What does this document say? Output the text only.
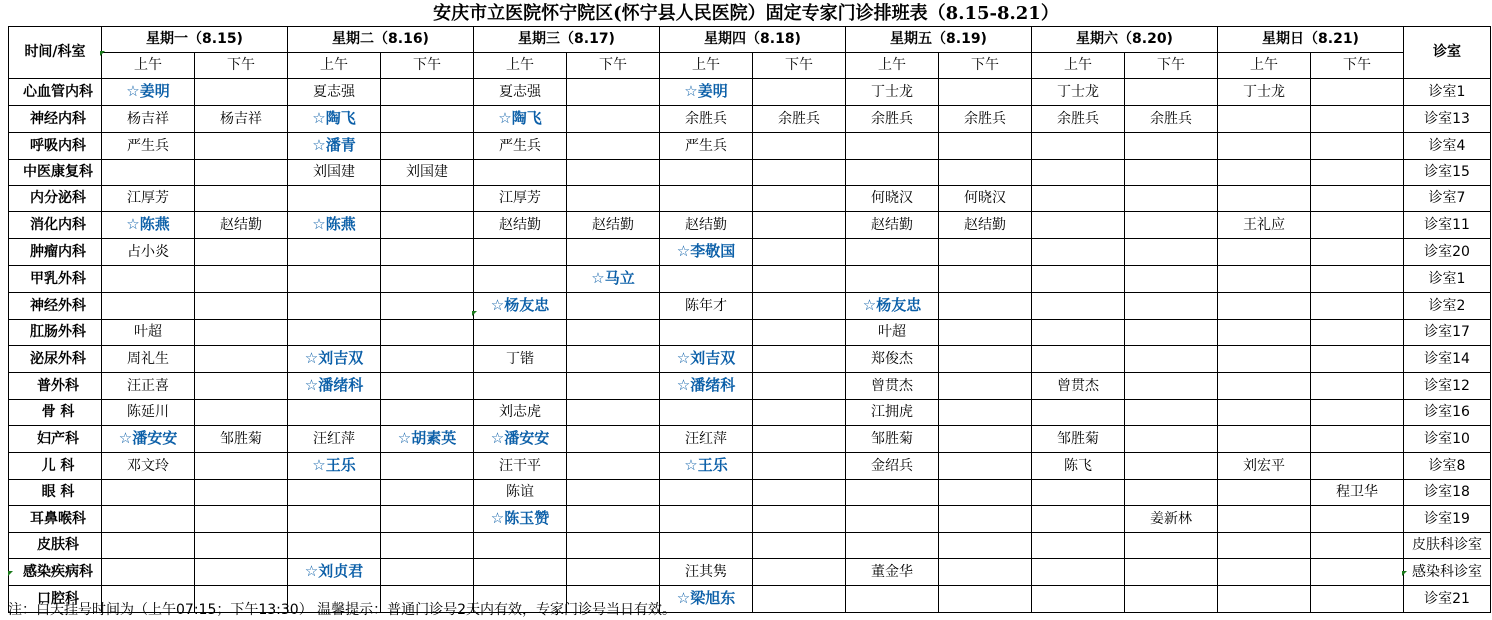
安庆市立医院怀宁院区(怀宁县人民医院）固定专家门诊排班表（8.15-8.21）
时间/科室	星期一（8.15)		星期二（8.16)		星期三（8.17)		星期四（8.18)		星期五（8.19)		星期六（8.20)		星期日（8.21)		诊室
	上午	下午	上午	下午	上午	下午	上午	下午	上午	下午	上午	下午	上午	下午	
心血管内科	☆姜明		夏志强		夏志强		☆姜明		丁士龙		丁士龙		丁士龙		诊室1
神经内科	杨吉祥	杨吉祥	☆陶飞		☆陶飞		余胜兵	余胜兵	余胜兵	余胜兵	余胜兵	余胜兵			诊室13
呼吸内科	严生兵		☆潘青		严生兵		严生兵								诊室4
中医康复科			刘国建	刘国建											诊室15
内分泌科	江厚芳				江厚芳				何晓汉	何晓汉					诊室7
消化内科	☆陈燕	赵结勤	☆陈燕		赵结勤	赵结勤	赵结勤		赵结勤	赵结勤			王礼应		诊室11
肿瘤内科	占小炎						☆李敬国								诊室20
甲乳外科						☆马立									诊室1
神经外科					☆杨友忠		陈年才		☆杨友忠						诊室2
肛肠外科	叶超								叶超						诊室17
泌尿外科	周礼生		☆刘吉双		丁锴		☆刘吉双		郑俊杰						诊室14
普外科	汪正喜		☆潘绪科				☆潘绪科		曾贯杰		曾贯杰				诊室12
骨 科	陈延川				刘志虎				江拥虎						诊室16
妇产科	☆潘安安	邹胜菊	汪红萍	☆胡素英	☆潘安安		汪红萍		邹胜菊		邹胜菊				诊室10
儿 科	邓文玲		☆王乐		汪干平		☆王乐		金绍兵		陈飞		刘宏平		诊室8
眼 科					陈谊									程卫华	诊室18
耳鼻喉科					☆陈玉赞							姜新林			诊室19
皮肤科															皮肤科诊室
感染疾病科			☆刘贞君				汪其隽		董金华						感染科诊室
口腔科							☆梁旭东								诊室21
注：白天挂号时间为（上午07:15；下午13:30） 温馨提示：普通门诊号2天内有效，专家门诊号当日有效。
